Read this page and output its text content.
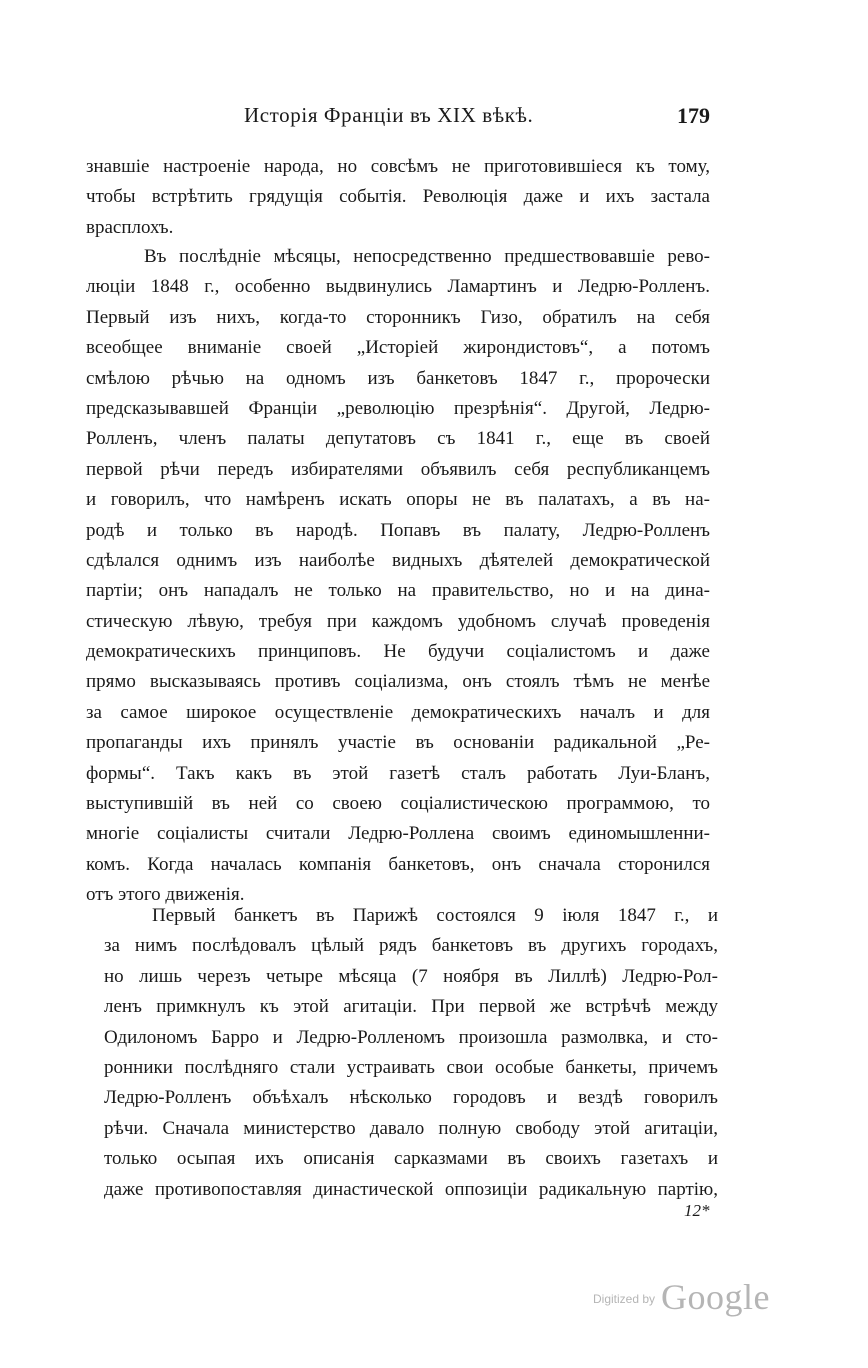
Исторія Франціи въ XIX вѣкѣ.	179
знавшіе настроеніе народа, но совсѣмъ не приготовившіеся къ тому,
чтобы встрѣтить грядущія событія. Революція даже и ихъ застала
врасплохъ.
Въ послѣдніе мѣсяцы, непосредственно предшествовавшіе рево-
люціи 1848 г., особенно выдвинулись Ламартинъ и Ледрю-Ролленъ.
Первый изъ нихъ, когда-то сторонникъ Гизо, обратилъ на себя
всеобщее вниманіе своей „Исторіей жирондистовъ“, а потомъ
смѣлою рѣчью на одномъ изъ банкетовъ 1847 г., пророчески
предсказывавшей Франціи „революцію презрѣнія“. Другой, Ледрю-
Ролленъ, членъ палаты депутатовъ съ 1841 г., еще въ своей
первой рѣчи передъ избирателями объявилъ себя республиканцемъ
и говорилъ, что намѣренъ искать опоры не въ палатахъ, а въ на-
родѣ и только въ народѣ. Попавъ въ палату, Ледрю-Ролленъ
сдѣлался однимъ изъ наиболѣе видныхъ дѣятелей демократической
партіи; онъ нападалъ не только на правительство, но и на дина-
стическую лѣвую, требуя при каждомъ удобномъ случаѣ проведенія
демократическихъ принциповъ. Не будучи соціалистомъ и даже
прямо высказываясь противъ соціализма, онъ стоялъ тѣмъ не менѣе
за самое широкое осуществленіе демократическихъ началъ и для
пропаганды ихъ принялъ участіе въ основаніи радикальной „Ре-
формы“. Такъ какъ въ этой газетѣ сталъ работать Луи-Бланъ,
выступившій въ ней со своею соціалистическою программою, то
многіе соціалисты считали Ледрю-Роллена своимъ единомышленни-
комъ. Когда началась компанія банкетовъ, онъ сначала сторонился
отъ этого движенія.
Первый банкетъ въ Парижѣ состоялся 9 іюля 1847 г., и
за нимъ послѣдовалъ цѣлый рядъ банкетовъ въ другихъ городахъ,
но лишь черезъ четыре мѣсяца (7 ноября въ Лиллѣ) Ледрю-Рол-
ленъ примкнулъ къ этой агитаціи. При первой же встрѣчѣ между
Одилономъ Барро и Ледрю-Ролленомъ произошла размолвка, и сто-
ронники послѣдняго стали устраивать свои особые банкеты, причемъ
Ледрю-Ролленъ объѣхалъ нѣсколько городовъ и вездѣ говорилъ
рѣчи. Сначала министерство давало полную свободу этой агитаціи,
только осыпая ихъ описанія сарказмами въ своихъ газетахъ и
даже противопоставляя династической оппозиціи радикальную партію,
12*
$^{Digitized by}$ Google
